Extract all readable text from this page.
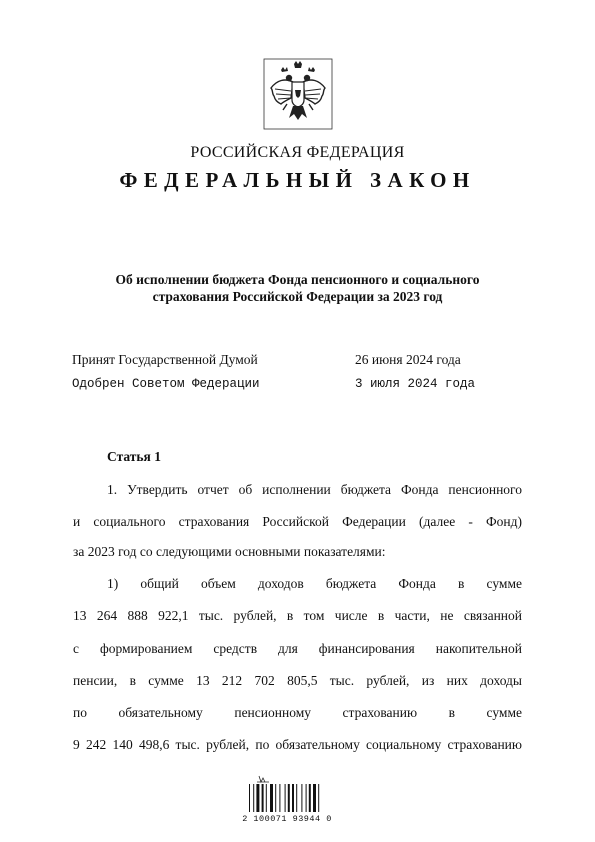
РОССИЙСКАЯ ФЕДЕРАЦИЯ
ФЕДЕРАЛЬНЫЙ ЗАКОН
Об исполнении бюджета Фонда пенсионного и социального
страхования Российской Федерации за 2023 год
Принят Государственной Думой	26 июня 2024 года
Одобрен Советом Федерации	3 июля 2024 года
Статья 1
1. Утвердить отчет об исполнении бюджета Фонда пенсионного
и социального страхования Российской Федерации (далее - Фонд)
за 2023 год со следующими основными показателями:
1) общий объем доходов бюджета Фонда в сумме
13 264 888 922,1 тыс. рублей, в том числе в части, не связанной
с формированием средств для финансирования накопительной
пенсии, в сумме 13 212 702 805,5 тыс. рублей, из них доходы
по обязательному пенсионному страхованию в сумме
9 242 140 498,6 тыс. рублей, по обязательному социальному страхованию
2 100071 93944 0
